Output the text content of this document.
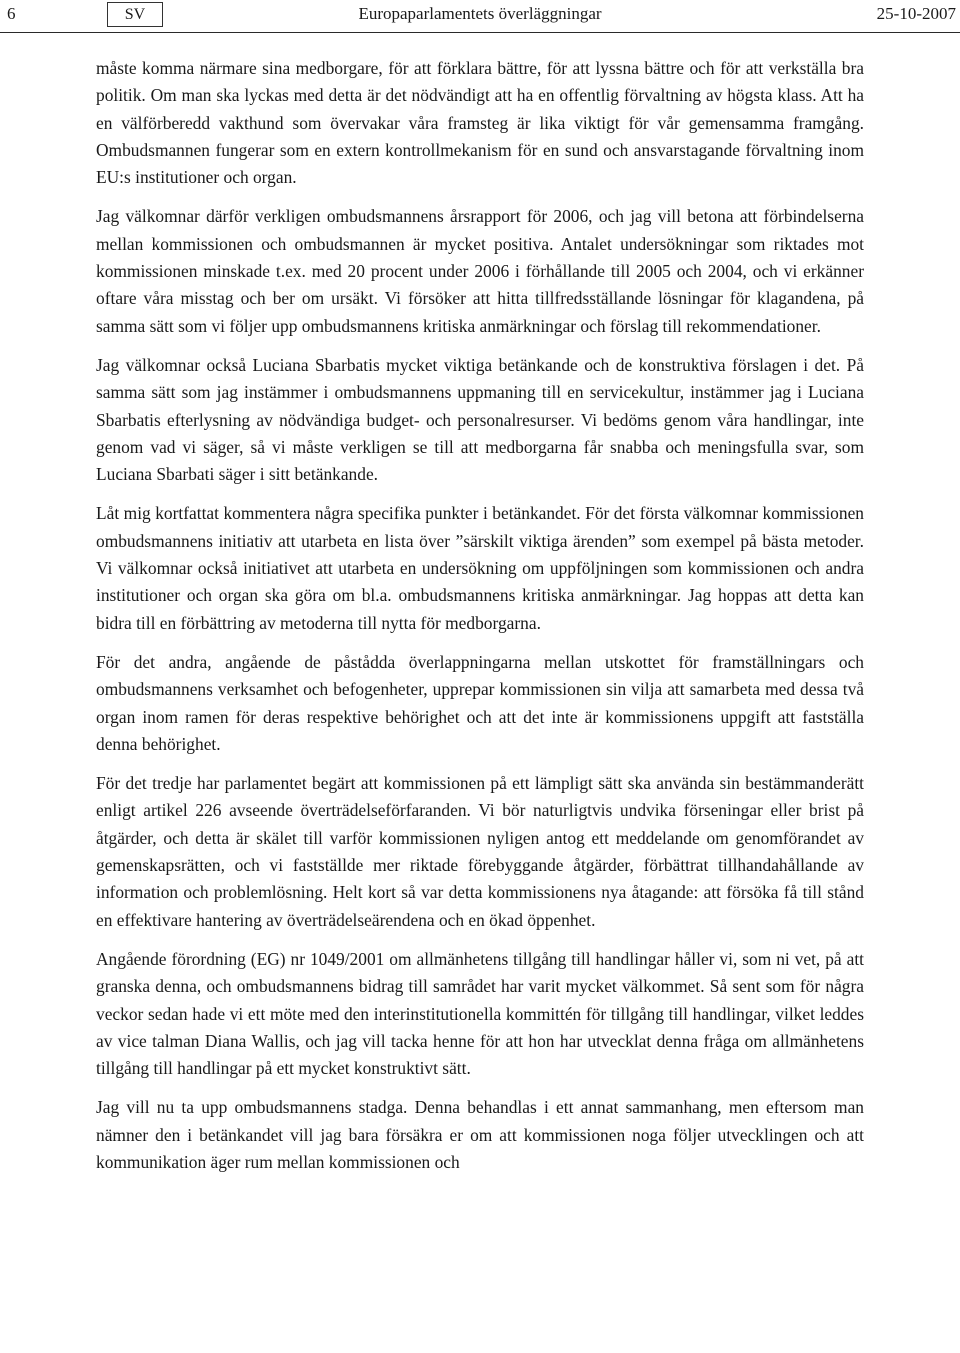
6	SV	Europaparlamentets överläggningar	25-10-2007

måste komma närmare sina medborgare, för att förklara bättre, för att lyssna bättre och för att verkställa bra politik. Om man ska lyckas med detta är det nödvändigt att ha en offentlig förvaltning av högsta klass. Att ha en välförberedd vakthund som övervakar våra framsteg är lika viktigt för vår gemensamma framgång. Ombudsmannen fungerar som en extern kontrollmekanism för en sund och ansvarstagande förvaltning inom EU:s institutioner och organ.

Jag välkomnar därför verkligen ombudsmannens årsrapport för 2006, och jag vill betona att förbindelserna mellan kommissionen och ombudsmannen är mycket positiva. Antalet undersökningar som riktades mot kommissionen minskade t.ex. med 20 procent under 2006 i förhållande till 2005 och 2004, och vi erkänner oftare våra misstag och ber om ursäkt. Vi försöker att hitta tillfredsställande lösningar för klagandena, på samma sätt som vi följer upp ombudsmannens kritiska anmärkningar och förslag till rekommendationer.

Jag välkomnar också Luciana Sbarbatis mycket viktiga betänkande och de konstruktiva förslagen i det. På samma sätt som jag instämmer i ombudsmannens uppmaning till en servicekultur, instämmer jag i Luciana Sbarbatis efterlysning av nödvändiga budget- och personalresurser. Vi bedöms genom våra handlingar, inte genom vad vi säger, så vi måste verkligen se till att medborgarna får snabba och meningsfulla svar, som Luciana Sbarbati säger i sitt betänkande.

Låt mig kortfattat kommentera några specifika punkter i betänkandet. För det första välkomnar kommissionen ombudsmannens initiativ att utarbeta en lista över ”särskilt viktiga ärenden” som exempel på bästa metoder. Vi välkomnar också initiativet att utarbeta en undersökning om uppföljningen som kommissionen och andra institutioner och organ ska göra om bl.a. ombudsmannens kritiska anmärkningar. Jag hoppas att detta kan bidra till en förbättring av metoderna till nytta för medborgarna.

För det andra, angående de påstådda överlappningarna mellan utskottet för framställningars och ombudsmannens verksamhet och befogenheter, upprepar kommissionen sin vilja att samarbeta med dessa två organ inom ramen för deras respektive behörighet och att det inte är kommissionens uppgift att fastställa denna behörighet.

För det tredje har parlamentet begärt att kommissionen på ett lämpligt sätt ska använda sin bestämmanderätt enligt artikel 226 avseende överträdelseförfaranden. Vi bör naturligtvis undvika förseningar eller brist på åtgärder, och detta är skälet till varför kommissionen nyligen antog ett meddelande om genomförandet av gemenskapsrätten, och vi fastställde mer riktade förebyggande åtgärder, förbättrat tillhandahållande av information och problemlösning. Helt kort så var detta kommissionens nya åtagande: att försöka få till stånd en effektivare hantering av överträdelseärendena och en ökad öppenhet.

Angående förordning (EG) nr 1049/2001 om allmänhetens tillgång till handlingar håller vi, som ni vet, på att granska denna, och ombudsmannens bidrag till samrådet har varit mycket välkommet. Så sent som för några veckor sedan hade vi ett möte med den interinstitutionella kommittén för tillgång till handlingar, vilket leddes av vice talman Diana Wallis, och jag vill tacka henne för att hon har utvecklat denna fråga om allmänhetens tillgång till handlingar på ett mycket konstruktivt sätt.

Jag vill nu ta upp ombudsmannens stadga. Denna behandlas i ett annat sammanhang, men eftersom man nämner den i betänkandet vill jag bara försäkra er om att kommissionen noga följer utvecklingen och att kommunikation äger rum mellan kommissionen och
